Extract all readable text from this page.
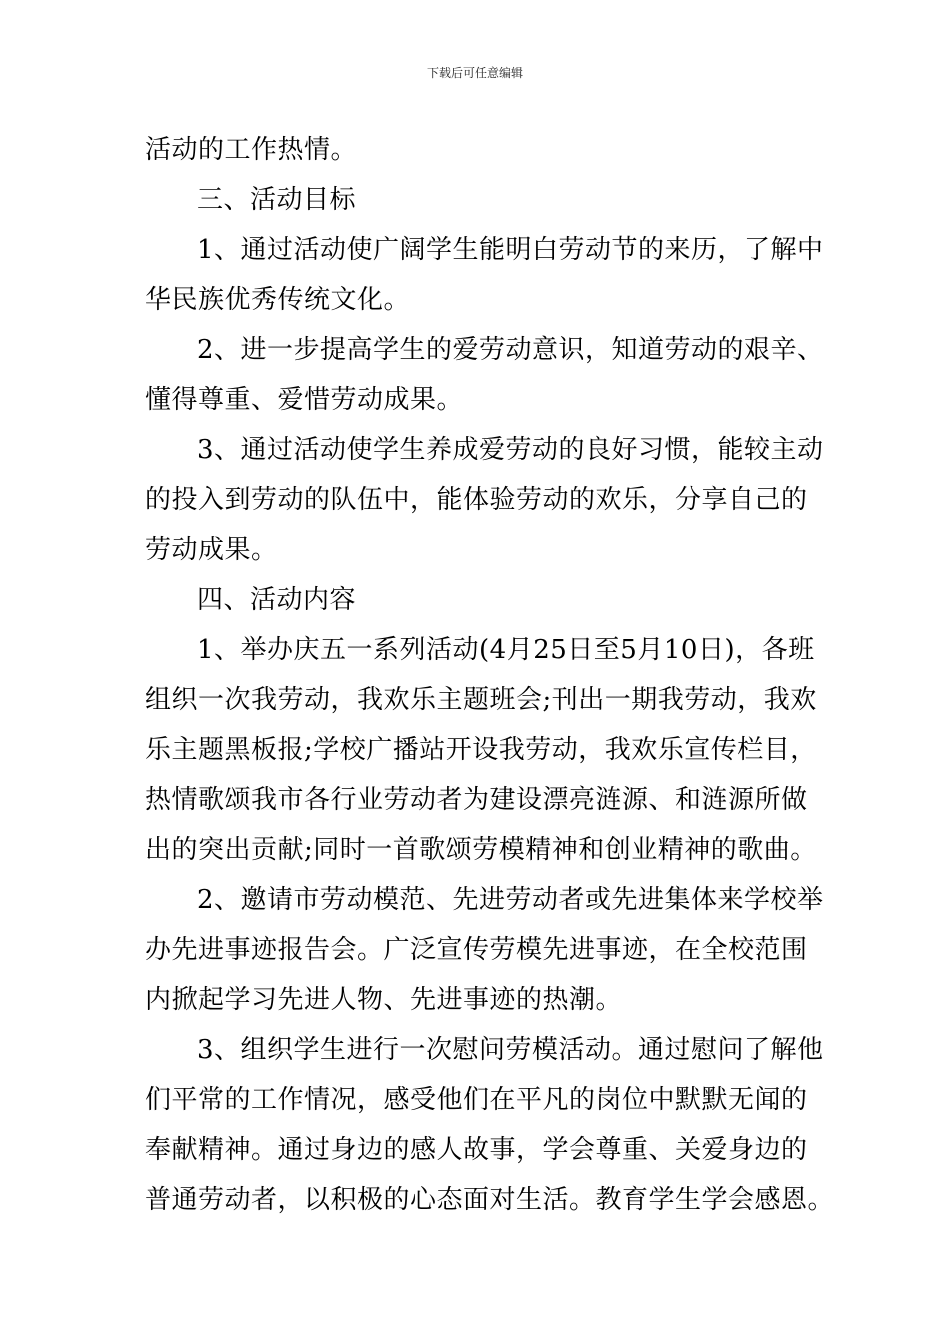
下载后可任意编辑
活动的工作热情。
三、活动目标
1、通过活动使广阔学生能明白劳动节的来历，了解中
华民族优秀传统文化。
2、进一步提高学生的爱劳动意识，知道劳动的艰辛、
懂得尊重、爱惜劳动成果。
3、通过活动使学生养成爱劳动的良好习惯，能较主动
的投入到劳动的队伍中，能体验劳动的欢乐，分享自己的
劳动成果。
四、活动内容
1、举办庆五一系列活动(4月25日至5月10日)，各班
组织一次我劳动，我欢乐主题班会;刊出一期我劳动，我欢
乐主题黑板报;学校广播站开设我劳动，我欢乐宣传栏目，
热情歌颂我市各行业劳动者为建设漂亮涟源、和涟源所做
出的突出贡献;同时一首歌颂劳模精神和创业精神的歌曲。
2、邀请市劳动模范、先进劳动者或先进集体来学校举
办先进事迹报告会。广泛宣传劳模先进事迹，在全校范围
内掀起学习先进人物、先进事迹的热潮。
3、组织学生进行一次慰问劳模活动。通过慰问了解他
们平常的工作情况，感受他们在平凡的岗位中默默无闻的
奉献精神。通过身边的感人故事，学会尊重、关爱身边的
普通劳动者，以积极的心态面对生活。教育学生学会感恩。
